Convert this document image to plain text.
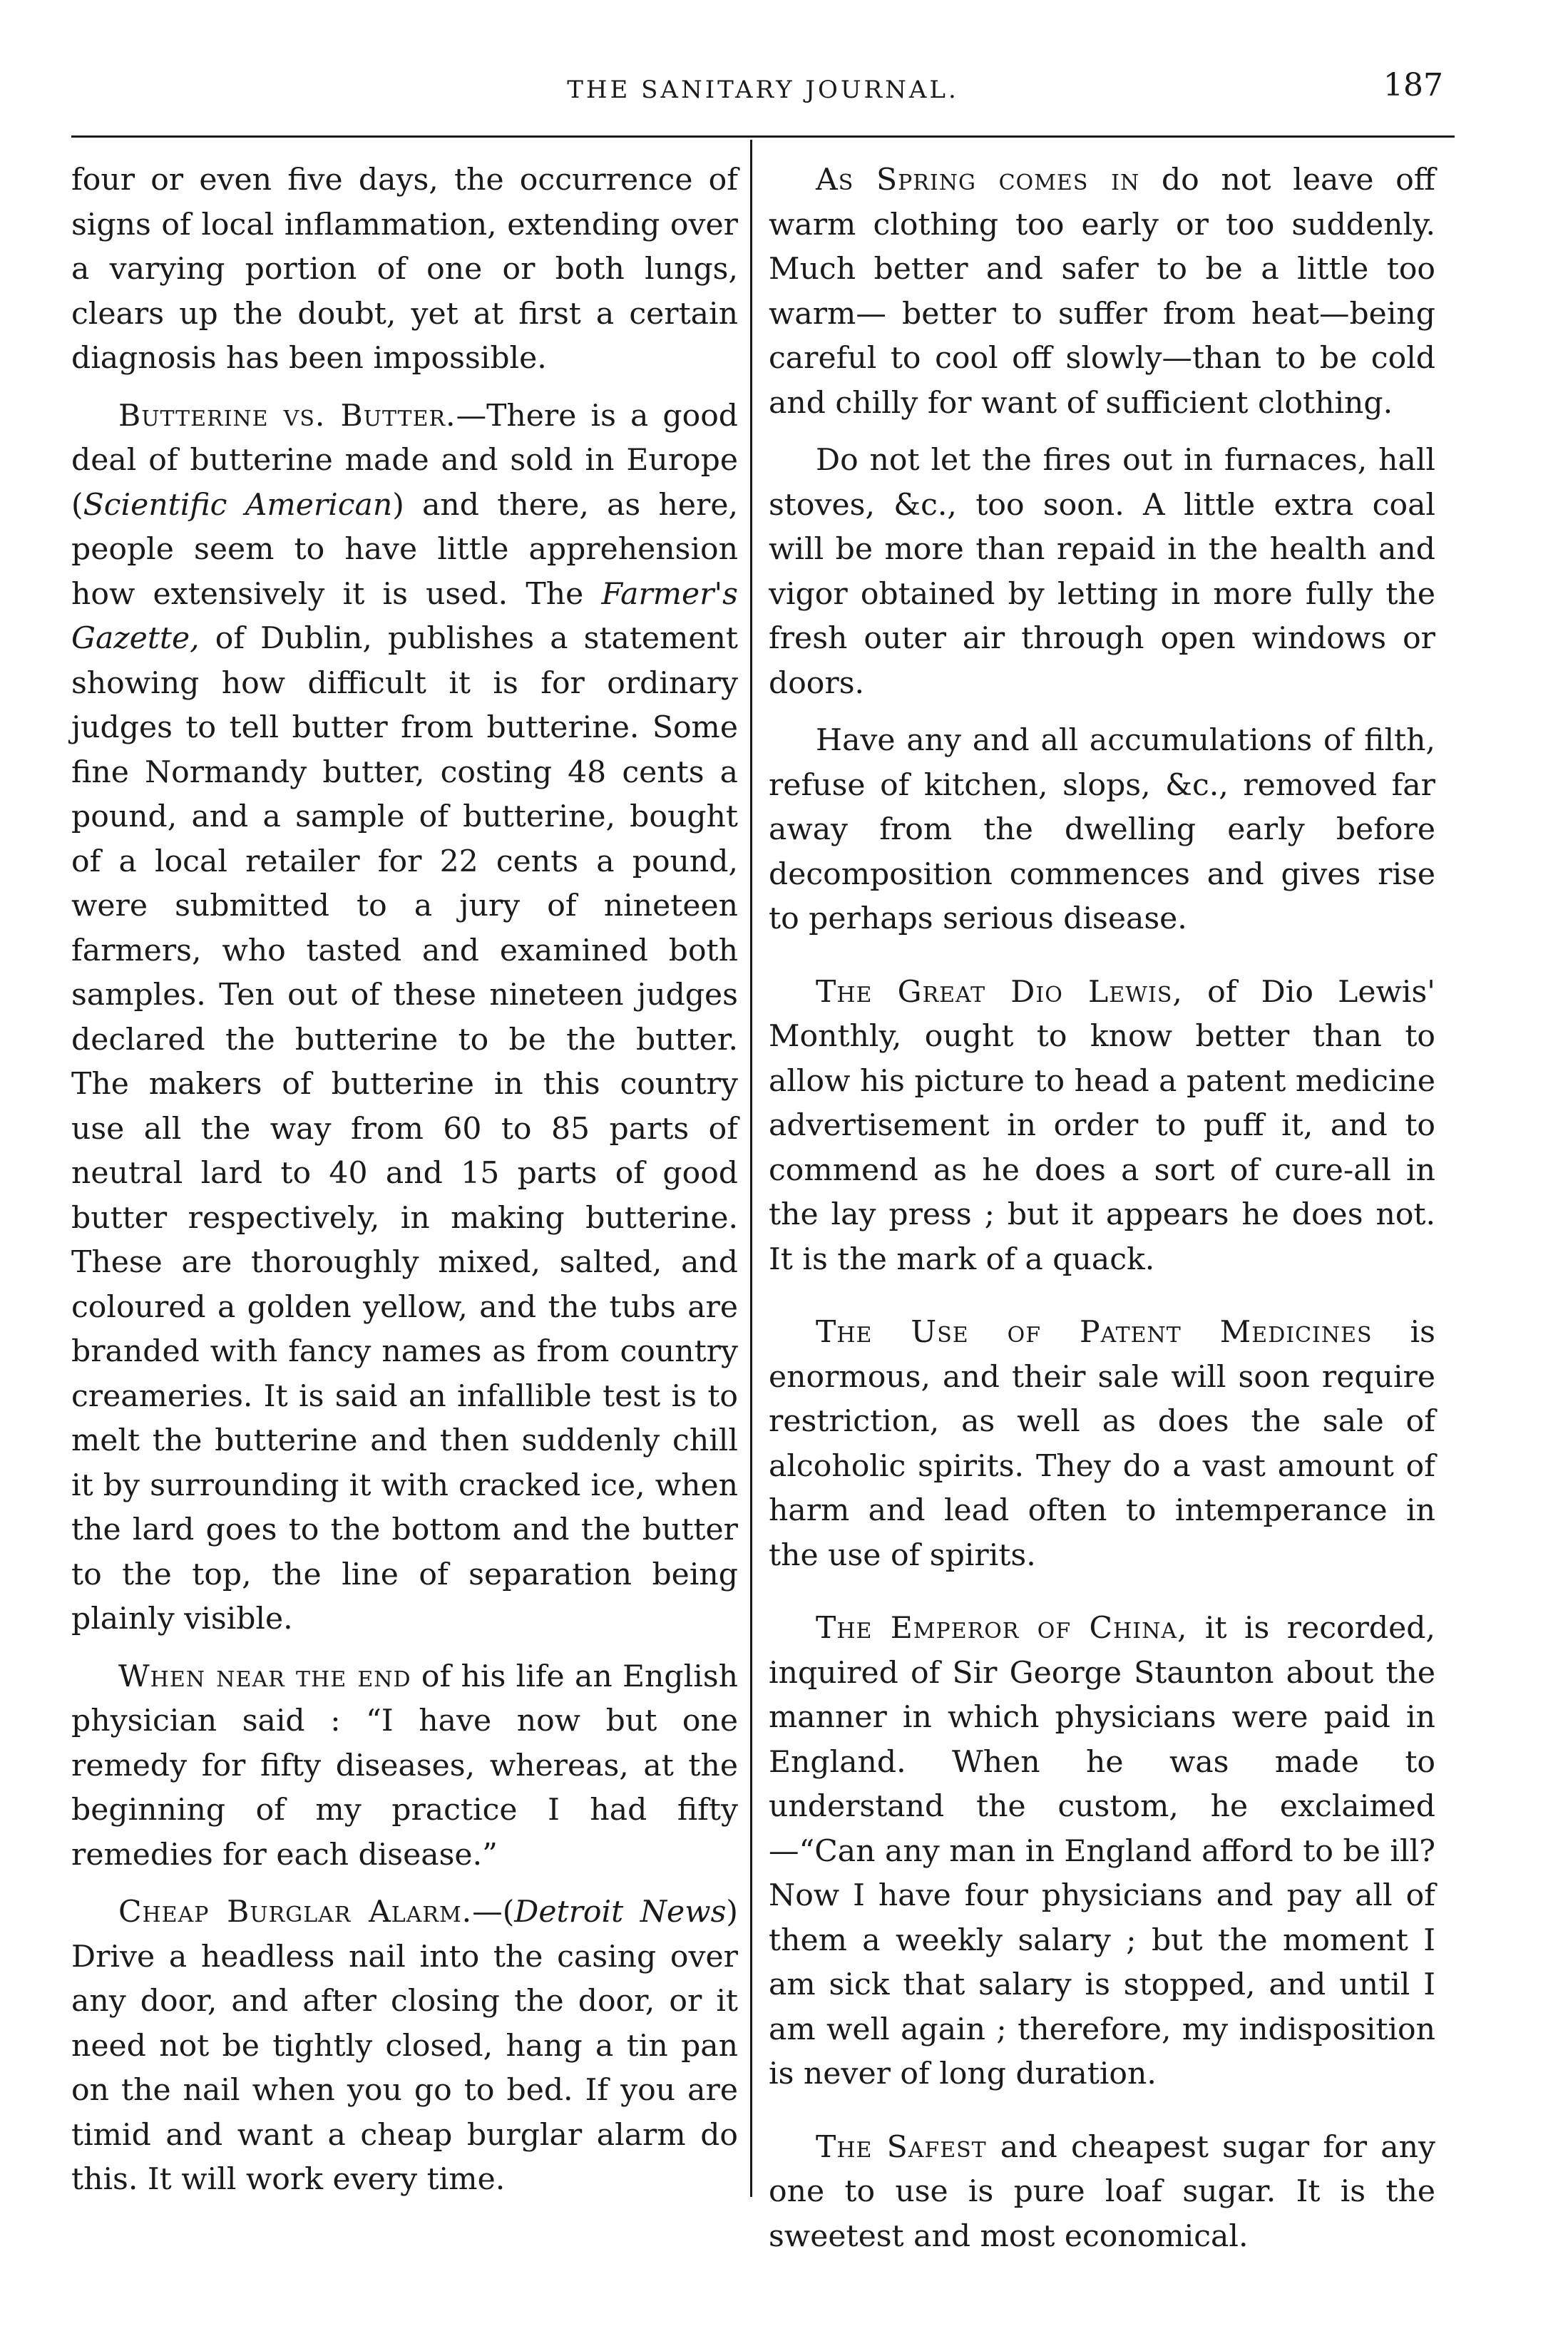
THE SANITARY JOURNAL.	187

four or even five days, the occurrence of signs of local inflammation, extending over a varying portion of one or both lungs, clears up the doubt, yet at first a certain diagnosis has been impossible.

Butterine vs. Butter.—There is a good deal of butterine made and sold in Europe (Scientific American) and there, as here, people seem to have little apprehension how extensively it is used. The Farmer's Gazette, of Dublin, publishes a statement showing how difficult it is for ordinary judges to tell butter from butterine. Some fine Normandy butter, costing 48 cents a pound, and a sample of butterine, bought of a local retailer for 22 cents a pound, were submitted to a jury of nineteen farmers, who tasted and examined both samples. Ten out of these nineteen judges declared the butterine to be the butter. The makers of butterine in this country use all the way from 60 to 85 parts of neutral lard to 40 and 15 parts of good butter respectively, in making butterine. These are thoroughly mixed, salted, and coloured a golden yellow, and the tubs are branded with fancy names as from country creameries. It is said an infallible test is to melt the butterine and then suddenly chill it by surrounding it with cracked ice, when the lard goes to the bottom and the butter to the top, the line of separation being plainly visible.

When near the end of his life an English physician said : “I have now but one remedy for fifty diseases, whereas, at the beginning of my practice I had fifty remedies for each disease.”

Cheap Burglar Alarm.—(Detroit News) Drive a headless nail into the casing over any door, and after closing the door, or it need not be tightly closed, hang a tin pan on the nail when you go to bed. If you are timid and want a cheap burglar alarm do this. It will work every time.

As Spring comes in do not leave off warm clothing too early or too suddenly. Much better and safer to be a little too warm— better to suffer from heat—being careful to cool off slowly—than to be cold and chilly for want of sufficient clothing.

Do not let the fires out in furnaces, hall stoves, &c., too soon. A little extra coal will be more than repaid in the health and vigor obtained by letting in more fully the fresh outer air through open windows or doors.

Have any and all accumulations of filth, refuse of kitchen, slops, &c., removed far away from the dwelling early before decomposition commences and gives rise to perhaps serious disease.

The Great Dio Lewis, of Dio Lewis' Monthly, ought to know better than to allow his picture to head a patent medicine advertisement in order to puff it, and to commend as he does a sort of cure-all in the lay press ; but it appears he does not. It is the mark of a quack.

The Use of Patent Medicines is enormous, and their sale will soon require restriction, as well as does the sale of alcoholic spirits. They do a vast amount of harm and lead often to intemperance in the use of spirits.

The Emperor of China, it is recorded, inquired of Sir George Staunton about the manner in which physicians were paid in England. When he was made to understand the custom, he exclaimed—“Can any man in England afford to be ill? Now I have four physicians and pay all of them a weekly salary ; but the moment I am sick that salary is stopped, and until I am well again ; therefore, my indisposition is never of long duration.

The Safest and cheapest sugar for any one to use is pure loaf sugar. It is the sweetest and most economical.
